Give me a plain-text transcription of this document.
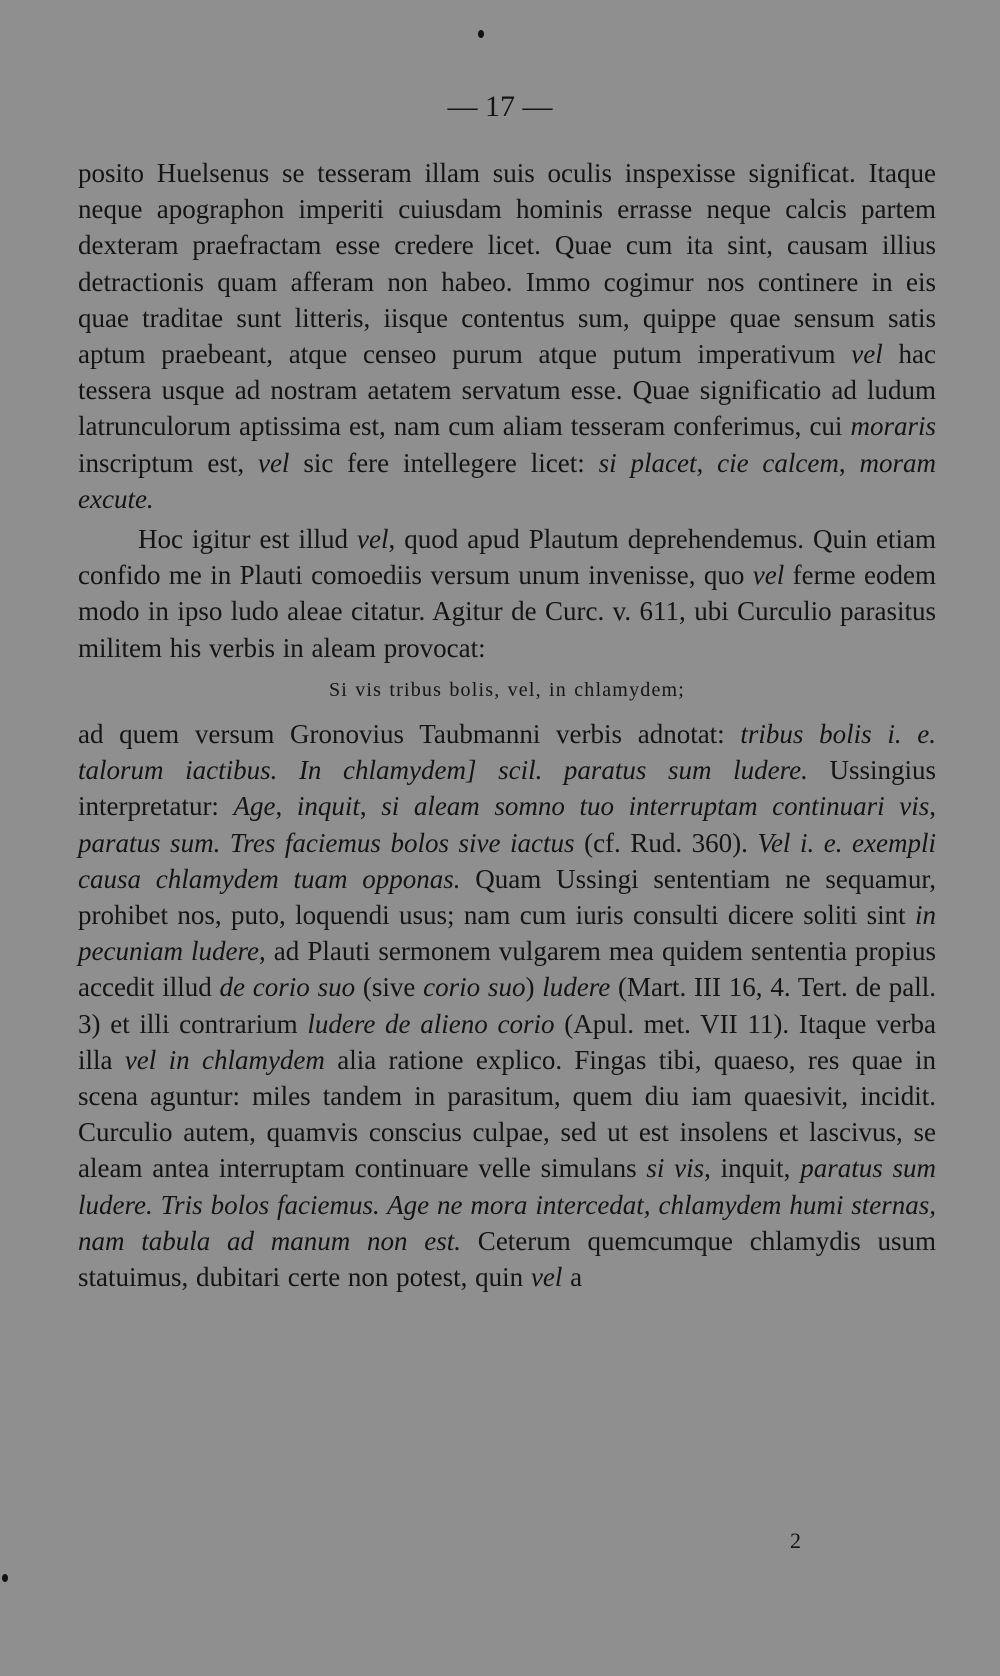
— 17 —

posito Huelsenus se tesseram illam suis oculis inspexisse significat. Itaque neque apographon imperiti cuiusdam hominis errasse neque calcis partem dexteram praefractam esse credere licet. Quae cum ita sint, causam illius detractionis quam afferam non habeo. Immo cogimur nos continere in eis quae traditae sunt litteris, iisque contentus sum, quippe quae sensum satis aptum praebeant, atque censeo purum atque putum imperativum vel hac tessera usque ad nostram aetatem servatum esse. Quae significatio ad ludum latrunculorum aptissima est, nam cum aliam tesseram conferimus, cui moraris inscriptum est, vel sic fere intellegere licet: si placet, cie calcem, moram excute.

Hoc igitur est illud vel, quod apud Plautum deprehendemus. Quin etiam confido me in Plauti comoediis versum unum invenisse, quo vel ferme eodem modo in ipso ludo aleae citatur. Agitur de Curc. v. 611, ubi Curculio parasitus militem his verbis in aleam provocat:

Si vis tribus bolis, vel, in chlamydem;

ad quem versum Gronovius Taubmanni verbis adnotat: tribus bolis i. e. talorum iactibus. In chlamydem] scil. paratus sum ludere. Ussingius interpretatur: Age, inquit, si aleam somno tuo interruptam continuari vis, paratus sum. Tres faciemus bolos sive iactus (cf. Rud. 360). Vel i. e. exempli causa chlamydem tuam opponas. Quam Ussingi sententiam ne sequamur, prohibet nos, puto, loquendi usus; nam cum iuris consulti dicere soliti sint in pecuniam ludere, ad Plauti sermonem vulgarem mea quidem sententia propius accedit illud de corio suo (sive corio suo) ludere (Mart. III 16, 4. Tert. de pall. 3) et illi contrarium ludere de alieno corio (Apul. met. VII 11). Itaque verba illa vel in chlamydem alia ratione explico. Fingas tibi, quaeso, res quae in scena aguntur: miles tandem in parasitum, quem diu iam quaesivit, incidit. Curculio autem, quamvis conscius culpae, sed ut est insolens et lascivus, se aleam antea interruptam continuare velle simulans si vis, inquit, paratus sum ludere. Tris bolos faciemus. Age ne mora intercedat, chlamydem humi sternas, nam tabula ad manum non est. Ceterum quemcumque chlamydis usum statuimus, dubitari certe non potest, quin vel a

2
